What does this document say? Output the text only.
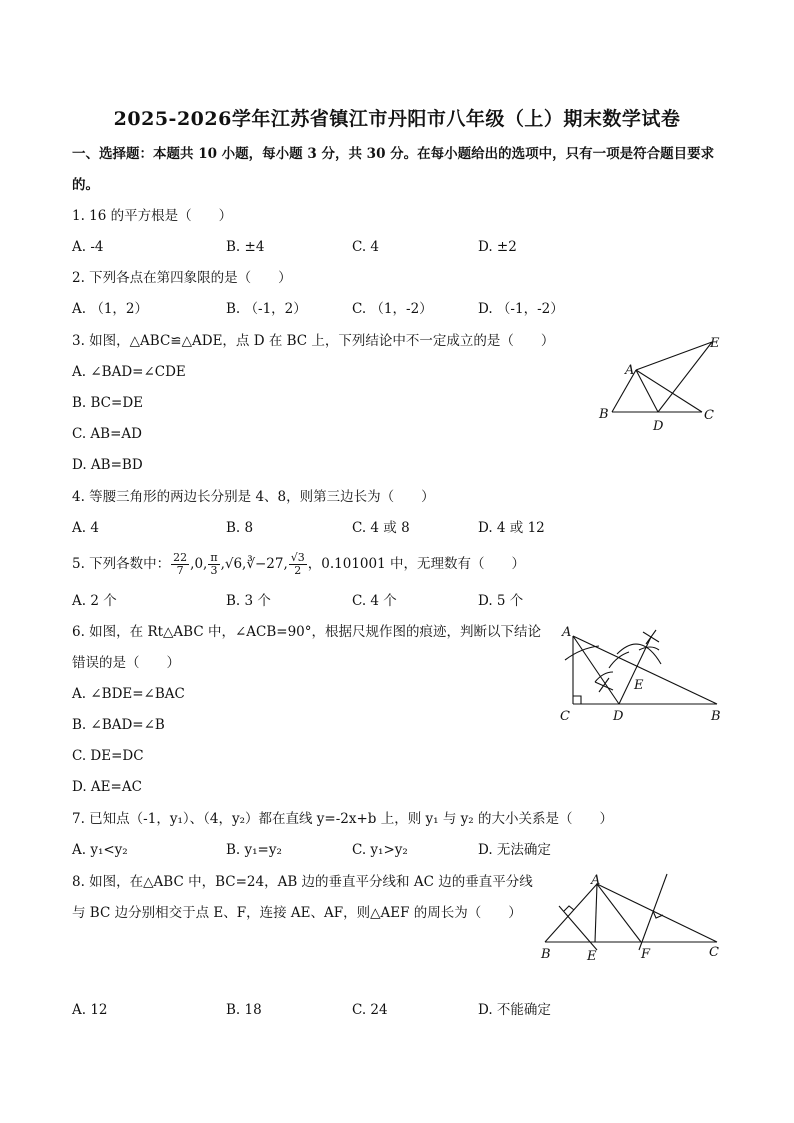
2025-2026学年江苏省镇江市丹阳市八年级（上）期末数学试卷
一、选择题：本题共 10 小题，每小题 3 分，共 30 分。在每小题给出的选项中，只有一项是符合题目要求
的。
1. 16 的平方根是（　　）
A. -4	B. ±4	C. 4	D. ±2
2. 下列各点在第四象限的是（　　）
A. （1，2）	B. （-1，2）	C. （1，-2）	D. （-1，-2）
3. 如图，△ABC≌△ADE，点 D 在 BC 上，下列结论中不一定成立的是（　　）
A. ∠BAD=∠CDE
B. BC=DE
C. AB=AD
D. AB=BD
A
B	C
D
E
4. 等腰三角形的两边长分别是 4、8，则第三边长为（　　）
A. 4	B. 8	C. 4 或 8	D. 4 或 12
5. 下列各数中： $\frac{22}{7} ,0$, $\frac{\pi}{3}$ ,√6,∛−27, $\frac{√3}{2}$ ，0.101001 中，无理数有（　　）
A. 2 个	B. 3 个	C. 4 个	D. 5 个
6. 如图，在 Rt△ABC 中，∠ACB=90°，根据尺规作图的痕迹，判断以下结论
错误的是（　　）
A. ∠BDE=∠BAC
B. ∠BAD=∠B
C. DE=DC
D. AE=AC
A
C	D	B
E
7. 已知点（-1，y₁）、（4，y₂）都在直线 y=-2x+b 上，则 y₁ 与 y₂ 的大小关系是（　　）
A. y₁<y₂	B. y₁=y₂	C. y₁>y₂	D. 无法确定
8. 如图，在△ABC 中，BC=24，AB 边的垂直平分线和 AC 边的垂直平分线
与 BC 边分别相交于点 E、F，连接 AE、AF，则△AEF 的周长为（　　）
A
B	E	F	C
A. 12	B. 18	C. 24	D. 不能确定
